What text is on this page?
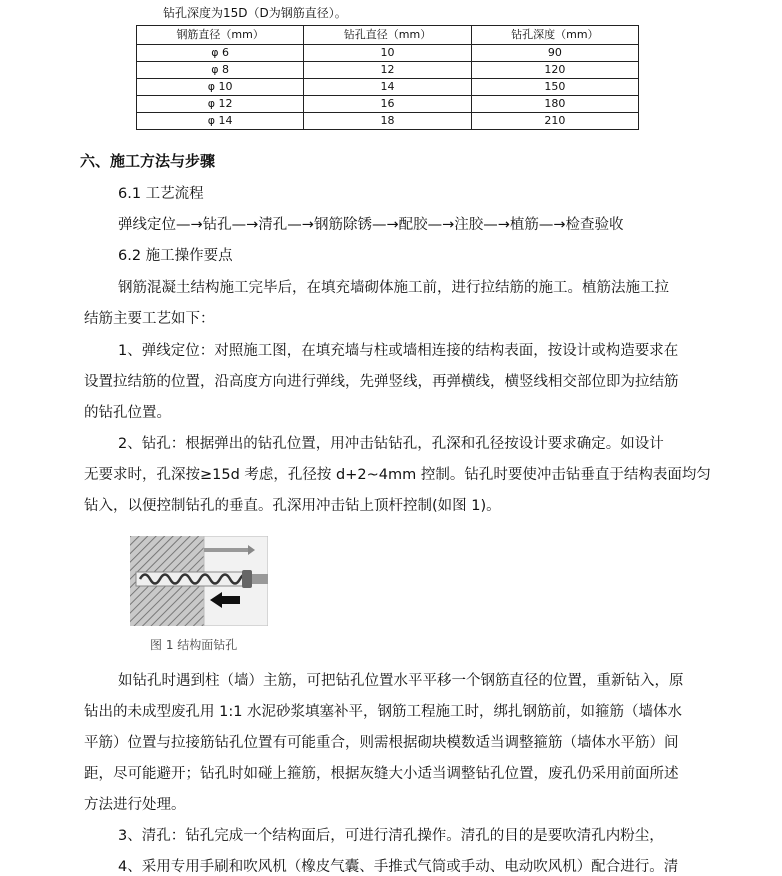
钻孔深度为15D（D为钢筋直径）。
钢筋直径（mm）	钻孔直径（mm）	钻孔深度（mm）
φ 6	10	90
φ 8	12	120
φ 10	14	150
φ 12	16	180
φ 14	18	210
六、施工方法与步骤
6.1 工艺流程
弹线定位—→钻孔—→清孔—→钢筋除锈—→配胶—→注胶—→植筋—→检查验收
6.2 施工操作要点
钢筋混凝土结构施工完毕后，在填充墙砌体施工前，进行拉结筋的施工。植筋法施工拉
结筋主要工艺如下：
1、弹线定位：对照施工图，在填充墙与柱或墙相连接的结构表面，按设计或构造要求在
设置拉结筋的位置，沿高度方向进行弹线，先弹竖线，再弹横线，横竖线相交部位即为拉结筋
的钻孔位置。
2、钻孔：根据弹出的钻孔位置，用冲击钻钻孔，孔深和孔径按设计要求确定。如设计
无要求时，孔深按≥15d 考虑，孔径按 d+2~4mm 控制。钻孔时要使冲击钻垂直于结构表面均匀
钻入，以便控制钻孔的垂直。孔深用冲击钻上顶杆控制(如图 1)。
图 1 结构面钻孔
如钻孔时遇到柱（墙）主筋，可把钻孔位置水平平移一个钢筋直径的位置，重新钻入，原
钻出的未成型废孔用 1:1 水泥砂浆填塞补平，钢筋工程施工时，绑扎钢筋前，如箍筋（墙体水
平筋）位置与拉接筋钻孔位置有可能重合，则需根据砌块模数适当调整箍筋（墙体水平筋）间
距，尽可能避开；钻孔时如碰上箍筋，根据灰缝大小适当调整钻孔位置，废孔仍采用前面所述
方法进行处理。
3、清孔：钻孔完成一个结构面后，可进行清孔操作。清孔的目的是要吹清孔内粉尘，
4、采用专用手刷和吹风机（橡皮气囊、手推式气筒或手动、电动吹风机）配合进行。清
